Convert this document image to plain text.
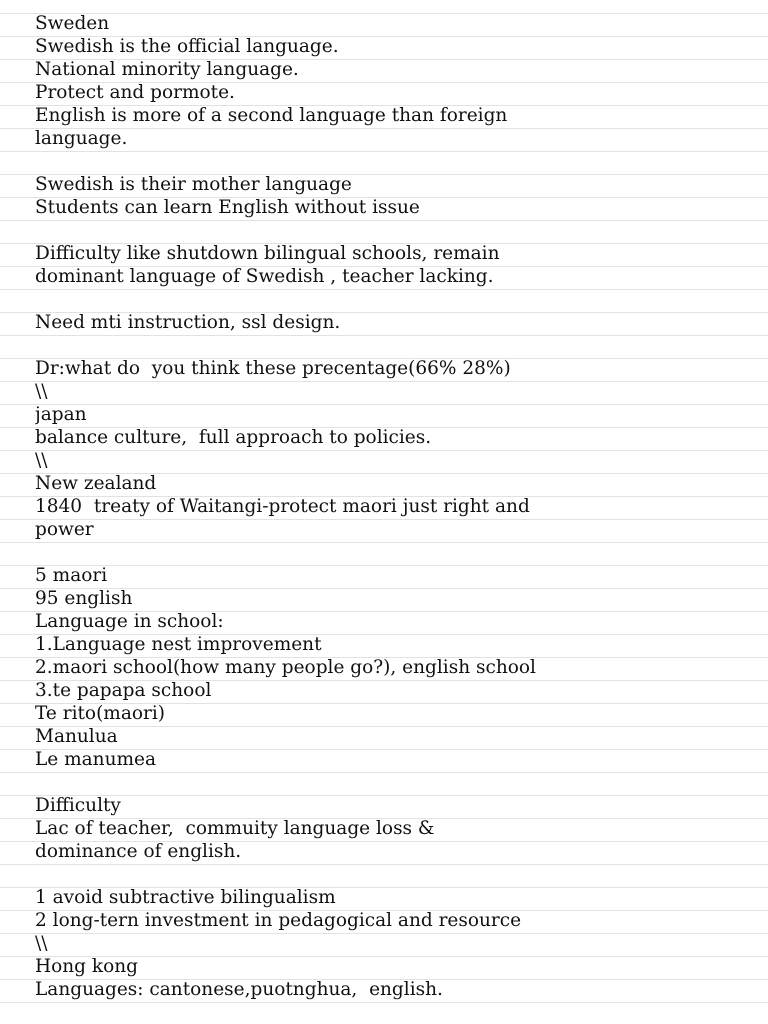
Sweden
Swedish is the official language.
National minority language.
Protect and pormote.
English is more of a second language than foreign
language.
Swedish is their mother language
Students can learn English without issue
Difficulty like shutdown bilingual schools, remain
dominant language of Swedish , teacher lacking.
Need mti instruction, ssl design.
Dr:what do  you think these precentage(66% 28%)
\\
japan
balance culture,  full approach to policies.
\\
New zealand
1840  treaty of Waitangi-protect maori just right and
power
5 maori
95 english
Language in school:
1.Language nest improvement
2.maori school(how many people go?), english school
3.te papapa school
Te rito(maori)
Manulua
Le manumea
Difficulty
Lac of teacher,  commuity language loss &
dominance of english.
1 avoid subtractive bilingualism
2 long-tern investment in pedagogical and resource
\\
Hong kong
Languages: cantonese,puotnghua,  english.
